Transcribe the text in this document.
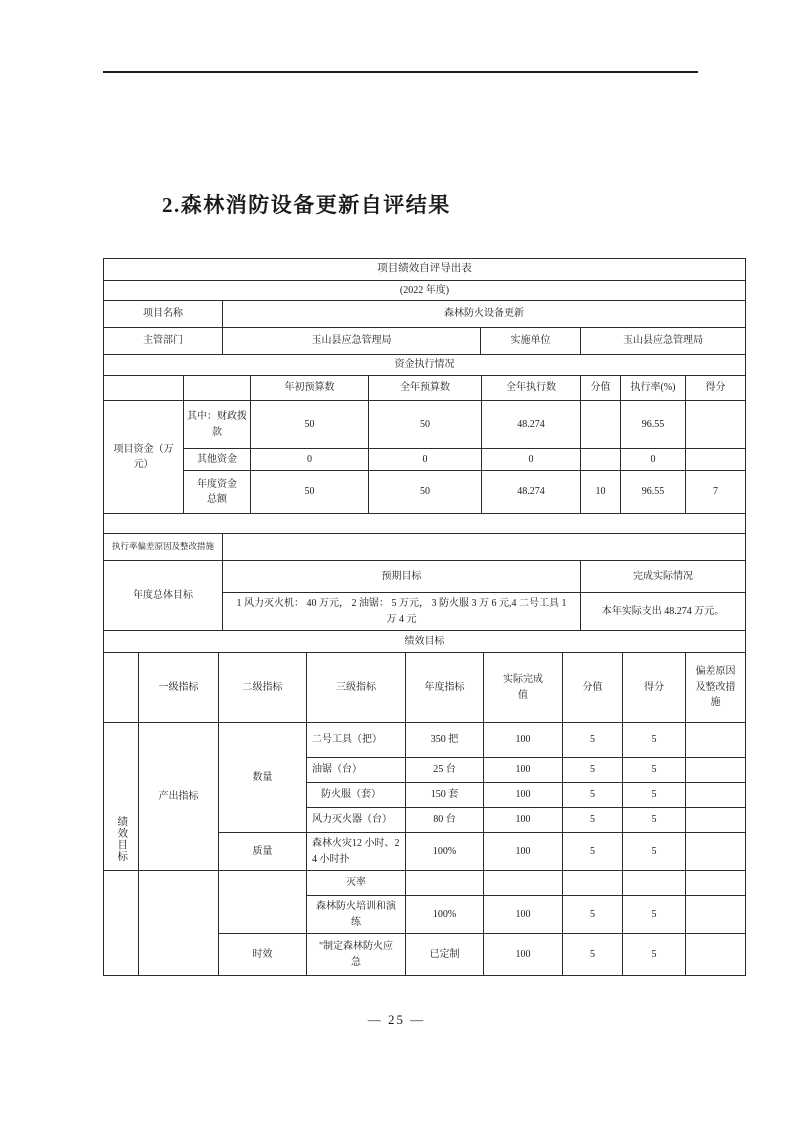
2.森林消防设备更新自评结果
项目绩效自评导出表			
(2022 年度)			
项目名称	森林防火设备更新		
主管部门	玉山县应急管理局	实施单位	玉山县应急管理局
资金执行情况			
		年初预算数	全年预算数	全年执行数	分值	执行率(%)	得分
项目资金（万元）	其中：财政拨款	50	50	48.274		96.55	
	其他资金	0	0	0		0	
	年度资金总额	50	50	48.274	10	96.55	7

执行率偏差原因及整改措施		
年度总体目标	预期目标	完成实际情况
	1 风力灭火机： 40 万元， 2 油锯： 5 万元， 3 防火服 3 万 6 元,4 二号工具 1 万 4 元	本年实际支出 48.274 万元。
绩效目标								
	一级指标	二级指标	三级指标	年度指标	实际完成值	分值	得分	偏差原因及整改措施
绩效目标	产出指标	数量	二号工具（把）	350 把	100	5	5	
			油锯（台）	25 台	100	5	5	
			防火服（套）	150 套	100	5	5	
			风力灭火器（台）	80 台	100	5	5	
		质量	森林火灾12 小时、24 小时扑	100%	100	5	5	
			灭率					
			森林防火培训和演练	100%	100	5	5	
		时效	"制定森林防火应急	已定制	100	5	5	
— 25 —
